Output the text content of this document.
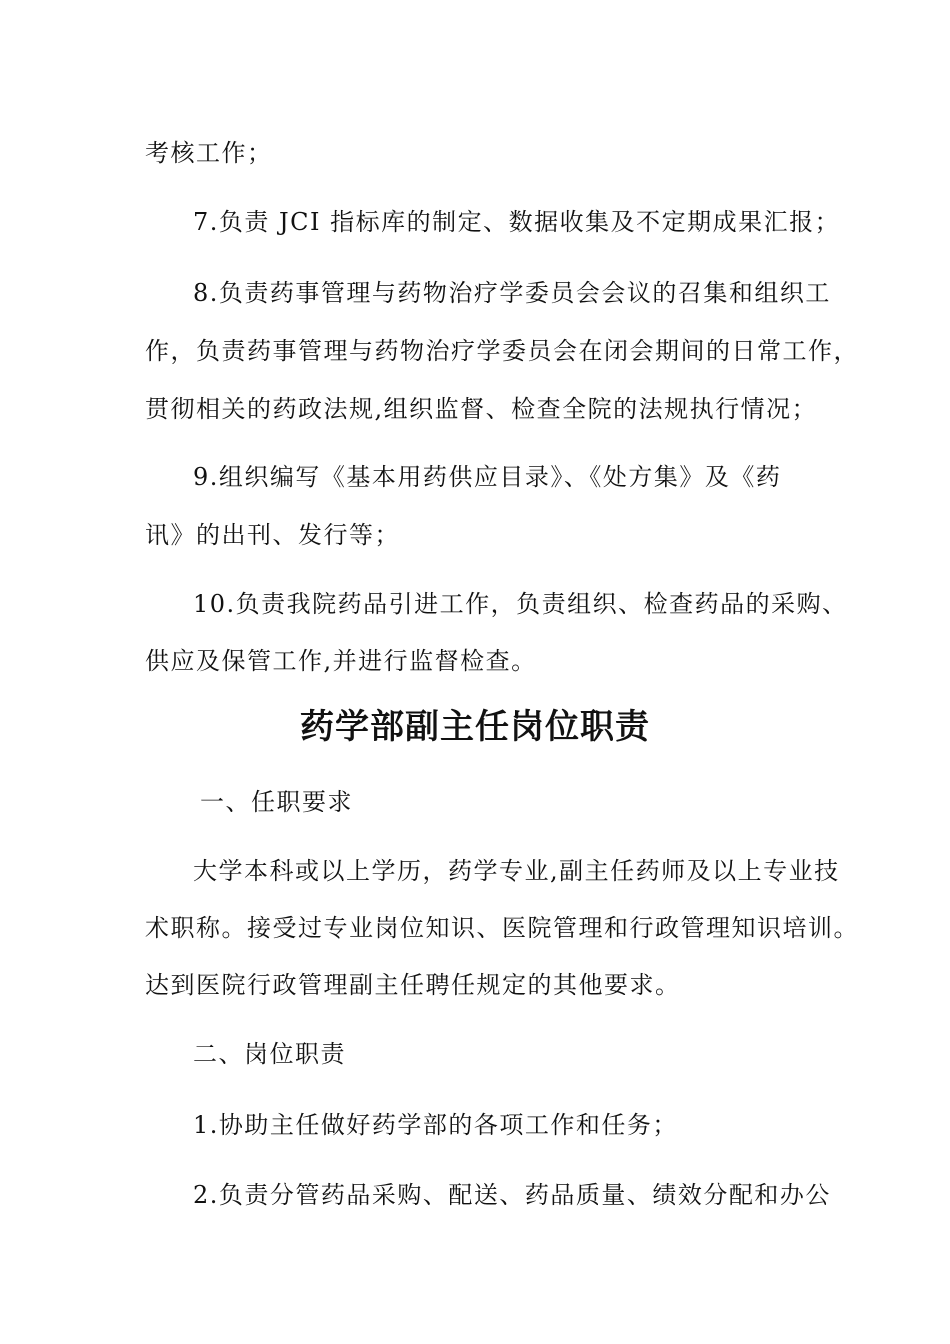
考核工作；
7.负责 JCI 指标库的制定、数据收集及不定期成果汇报；
8.负责药事管理与药物治疗学委员会会议的召集和组织工
作，负责药事管理与药物治疗学委员会在闭会期间的日常工作，
贯彻相关的药政法规,组织监督、检查全院的法规执行情况；
9.组织编写《基本用药供应目录》、《处方集》及《药
讯》的出刊、发行等；
10.负责我院药品引进工作，负责组织、检查药品的采购、
供应及保管工作,并进行监督检查。
药学部副主任岗位职责
一、任职要求
大学本科或以上学历，药学专业,副主任药师及以上专业技
术职称。接受过专业岗位知识、医院管理和行政管理知识培训。
达到医院行政管理副主任聘任规定的其他要求。
二、岗位职责
1.协助主任做好药学部的各项工作和任务；
2.负责分管药品采购、配送、药品质量、绩效分配和办公
